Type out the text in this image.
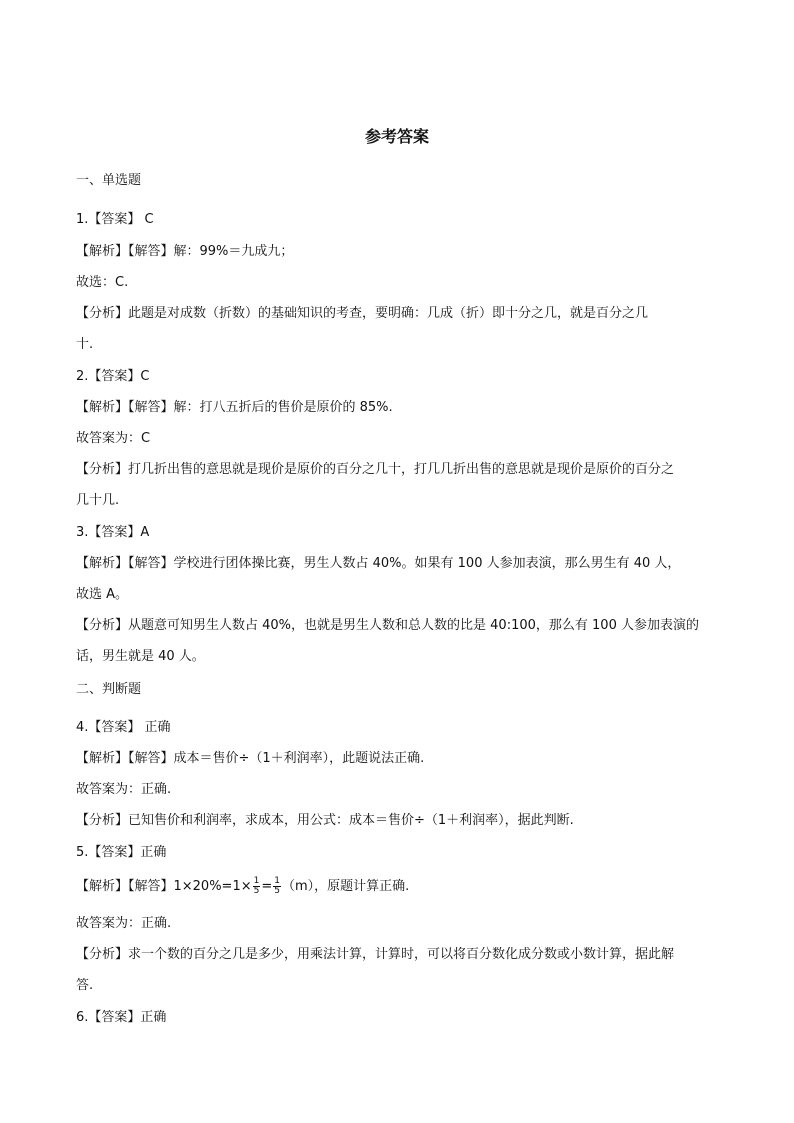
参考答案
一、单选题
1.【答案】 C
【解析】【解答】解：99%＝九成九；
故选：C.
【分析】此题是对成数（折数）的基础知识的考查，要明确：几成（折）即十分之几，就是百分之几
十.
2.【答案】C
【解析】【解答】解：打八五折后的售价是原价的 85%.
故答案为：C
【分析】打几折出售的意思就是现价是原价的百分之几十，打几几折出售的意思就是现价是原价的百分之
几十几.
3.【答案】A
【解析】【解答】学校进行团体操比赛，男生人数占 40%。如果有 100 人参加表演，那么男生有 40 人，
故选 A。
【分析】从题意可知男生人数占 40%，也就是男生人数和总人数的比是 40:100，那么有 100 人参加表演的
话，男生就是 40 人。
二、判断题
4.【答案】 正确
【解析】【解答】成本＝售价÷（1＋利润率），此题说法正确.
故答案为：正确.
【分析】已知售价和利润率，求成本，用公式：成本＝售价÷（1＋利润率），据此判断.
5.【答案】正确
【解析】【解答】$1\times 20\%=1\times \frac{1}{5} = \frac{1}{5} (m)$，原题计算正确.
故答案为：正确.
【分析】求一个数的百分之几是多少，用乘法计算，计算时，可以将百分数化成分数或小数计算，据此解
答.
6.【答案】正确
